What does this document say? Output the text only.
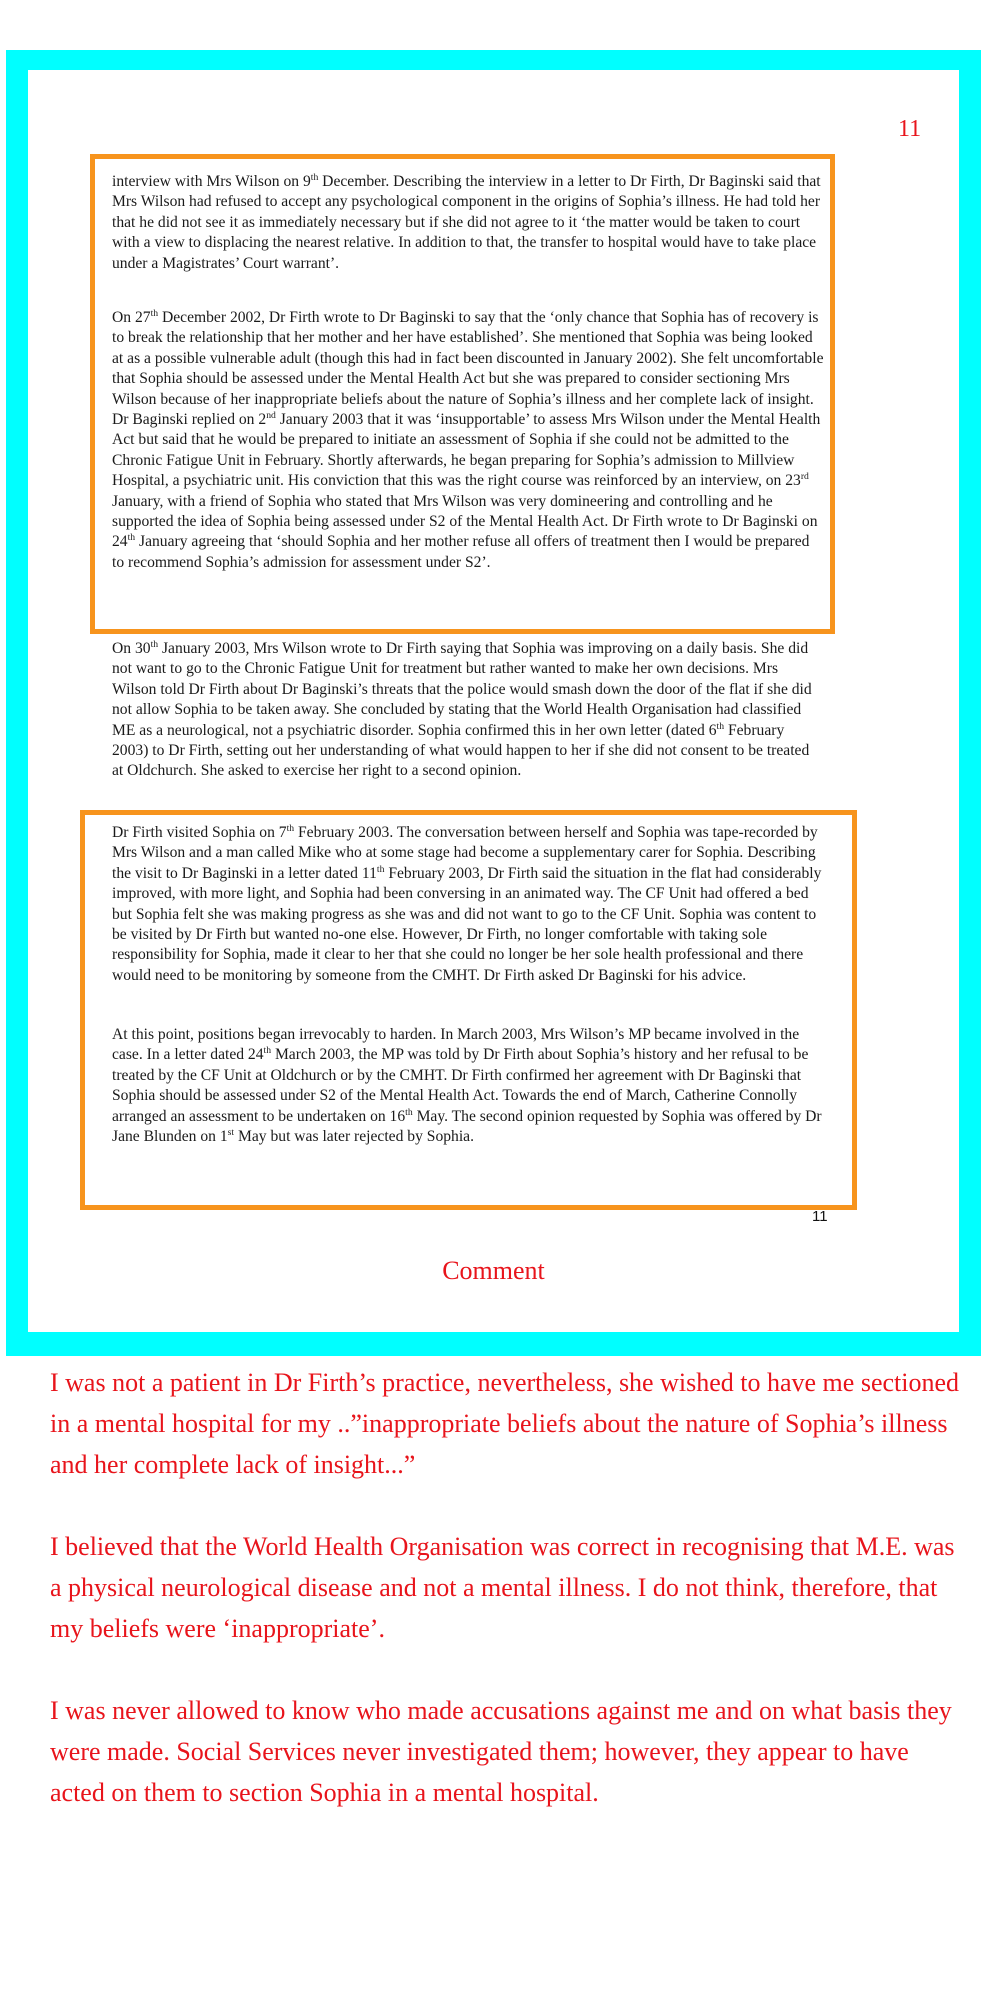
11

interview with Mrs Wilson on 9th December. Describing the interview in a letter to Dr Firth, Dr Baginski said that Mrs Wilson had refused to accept any psychological component in the origins of Sophia’s illness. He had told her that he did not see it as immediately necessary but if she did not agree to it ‘the matter would be taken to court with a view to displacing the nearest relative. In addition to that, the transfer to hospital would have to take place under a Magistrates’ Court warrant’.

On 27th December 2002, Dr Firth wrote to Dr Baginski to say that the ‘only chance that Sophia has of recovery is to break the relationship that her mother and her have established’. She mentioned that Sophia was being looked at as a possible vulnerable adult (though this had in fact been discounted in January 2002). She felt uncomfortable that Sophia should be assessed under the Mental Health Act but she was prepared to consider sectioning Mrs Wilson because of her inappropriate beliefs about the nature of Sophia’s illness and her complete lack of insight. Dr Baginski replied on 2nd January 2003 that it was ‘insupportable’ to assess Mrs Wilson under the Mental Health Act but said that he would be prepared to initiate an assessment of Sophia if she could not be admitted to the Chronic Fatigue Unit in February. Shortly afterwards, he began preparing for Sophia’s admission to Millview Hospital, a psychiatric unit. His conviction that this was the right course was reinforced by an interview, on 23rd January, with a friend of Sophia who stated that Mrs Wilson was very domineering and controlling and he supported the idea of Sophia being assessed under S2 of the Mental Health Act. Dr Firth wrote to Dr Baginski on 24th January agreeing that ‘should Sophia and her mother refuse all offers of treatment then I would be prepared to recommend Sophia’s admission for assessment under S2’.

On 30th January 2003, Mrs Wilson wrote to Dr Firth saying that Sophia was improving on a daily basis. She did not want to go to the Chronic Fatigue Unit for treatment but rather wanted to make her own decisions. Mrs Wilson told Dr Firth about Dr Baginski’s threats that the police would smash down the door of the flat if she did not allow Sophia to be taken away. She concluded by stating that the World Health Organisation had classified ME as a neurological, not a psychiatric disorder. Sophia confirmed this in her own letter (dated 6th February 2003) to Dr Firth, setting out her understanding of what would happen to her if she did not consent to be treated at Oldchurch. She asked to exercise her right to a second opinion.

Dr Firth visited Sophia on 7th February 2003. The conversation between herself and Sophia was tape-recorded by Mrs Wilson and a man called Mike who at some stage had become a supplementary carer for Sophia. Describing the visit to Dr Baginski in a letter dated 11th February 2003, Dr Firth said the situation in the flat had considerably improved, with more light, and Sophia had been conversing in an animated way. The CF Unit had offered a bed but Sophia felt she was making progress as she was and did not want to go to the CF Unit. Sophia was content to be visited by Dr Firth but wanted no-one else. However, Dr Firth, no longer comfortable with taking sole responsibility for Sophia, made it clear to her that she could no longer be her sole health professional and there would need to be monitoring by someone from the CMHT. Dr Firth asked Dr Baginski for his advice.

At this point, positions began irrevocably to harden. In March 2003, Mrs Wilson’s MP became involved in the case. In a letter dated 24th March 2003, the MP was told by Dr Firth about Sophia’s history and her refusal to be treated by the CF Unit at Oldchurch or by the CMHT. Dr Firth confirmed her agreement with Dr Baginski that Sophia should be assessed under S2 of the Mental Health Act. Towards the end of March, Catherine Connolly arranged an assessment to be undertaken on 16th May. The second opinion requested by Sophia was offered by Dr Jane Blunden on 1st May but was later rejected by Sophia.

11
Comment

I was not a patient in Dr Firth’s practice, nevertheless, she wished to have me sectioned in a mental hospital for my ..”inappropriate beliefs about the nature of Sophia’s illness and her complete lack of insight...”

I believed that the World Health Organisation was correct in recognising that M.E. was a physical neurological disease and not a mental illness. I do not think, therefore, that my beliefs were ‘inappropriate’.

I was never allowed to know who made accusations against me and on what basis they were made. Social Services never investigated them; however, they appear to have acted on them to section Sophia in a mental hospital.
